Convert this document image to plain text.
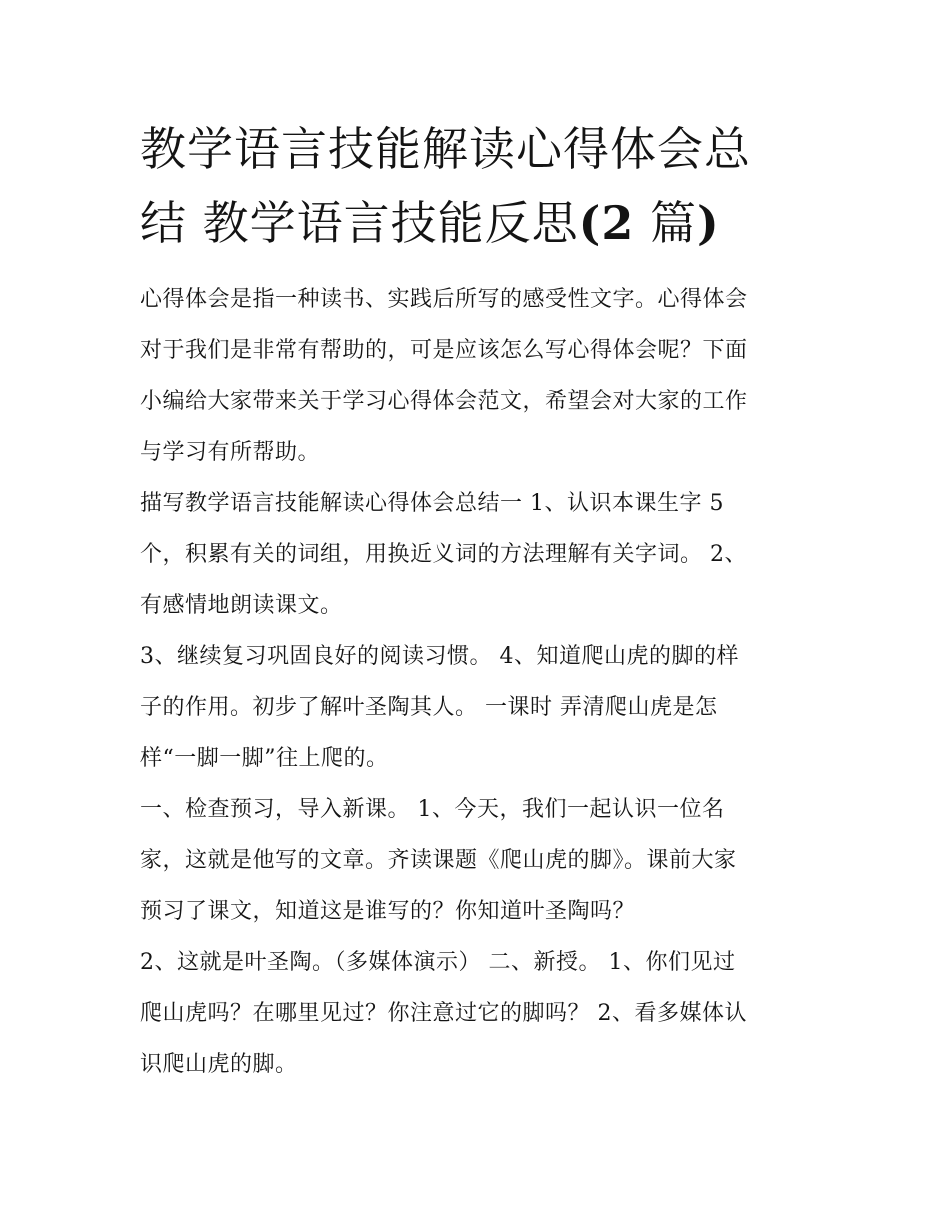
教学语言技能解读心得体会总
结 教学语言技能反思(2 篇)

心得体会是指一种读书、实践后所写的感受性文字。心得体会
对于我们是非常有帮助的，可是应该怎么写心得体会呢？下面
小编给大家带来关于学习心得体会范文，希望会对大家的工作
与学习有所帮助。

描写教学语言技能解读心得体会总结一 1、认识本课生字 5
个，积累有关的词组，用换近义词的方法理解有关字词。 2、
有感情地朗读课文。

3、继续复习巩固良好的阅读习惯。 4、知道爬山虎的脚的样
子的作用。初步了解叶圣陶其人。 一课时 弄清爬山虎是怎
样“一脚一脚”往上爬的。

一、检查预习，导入新课。 1、今天，我们一起认识一位名
家，这就是他写的文章。齐读课题《爬山虎的脚》。课前大家
预习了课文，知道这是谁写的？你知道叶圣陶吗？

2、这就是叶圣陶。（多媒体演示） 二、新授。 1、你们见过
爬山虎吗？在哪里见过？你注意过它的脚吗？ 2、看多媒体认
识爬山虎的脚。
